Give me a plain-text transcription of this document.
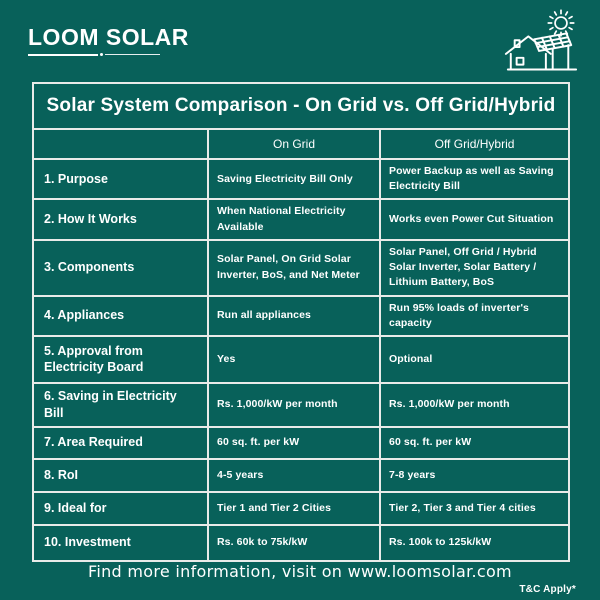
LOOM SOLAR
Solar System Comparison - On Grid vs. Off Grid/Hybrid		
	On Grid	Off Grid/Hybrid
1. Purpose	Saving Electricity Bill Only	Power Backup as well as Saving Electricity Bill
2. How It Works	When National Electricity Available	Works even Power Cut Situation
3. Components	Solar Panel, On Grid Solar Inverter, BoS, and Net Meter	Solar Panel, Off Grid / Hybrid Solar Inverter, Solar Battery / Lithium Battery, BoS
4. Appliances	Run all appliances	Run 95% loads of inverter's capacity
5. Approval from Electricity Board	Yes	Optional
6. Saving in Electricity Bill	Rs. 1,000/kW per month	Rs. 1,000/kW per month
7. Area Required	60 sq. ft. per kW	60 sq. ft. per kW
8. RoI	4-5 years	7-8 years
9. Ideal for	Tier 1 and Tier 2 Cities	Tier 2, Tier 3 and Tier 4 cities
10. Investment	Rs. 60k to 75k/kW	Rs. 100k to 125k/kW
Find more information, visit on www.loomsolar.com
T&C Apply*
